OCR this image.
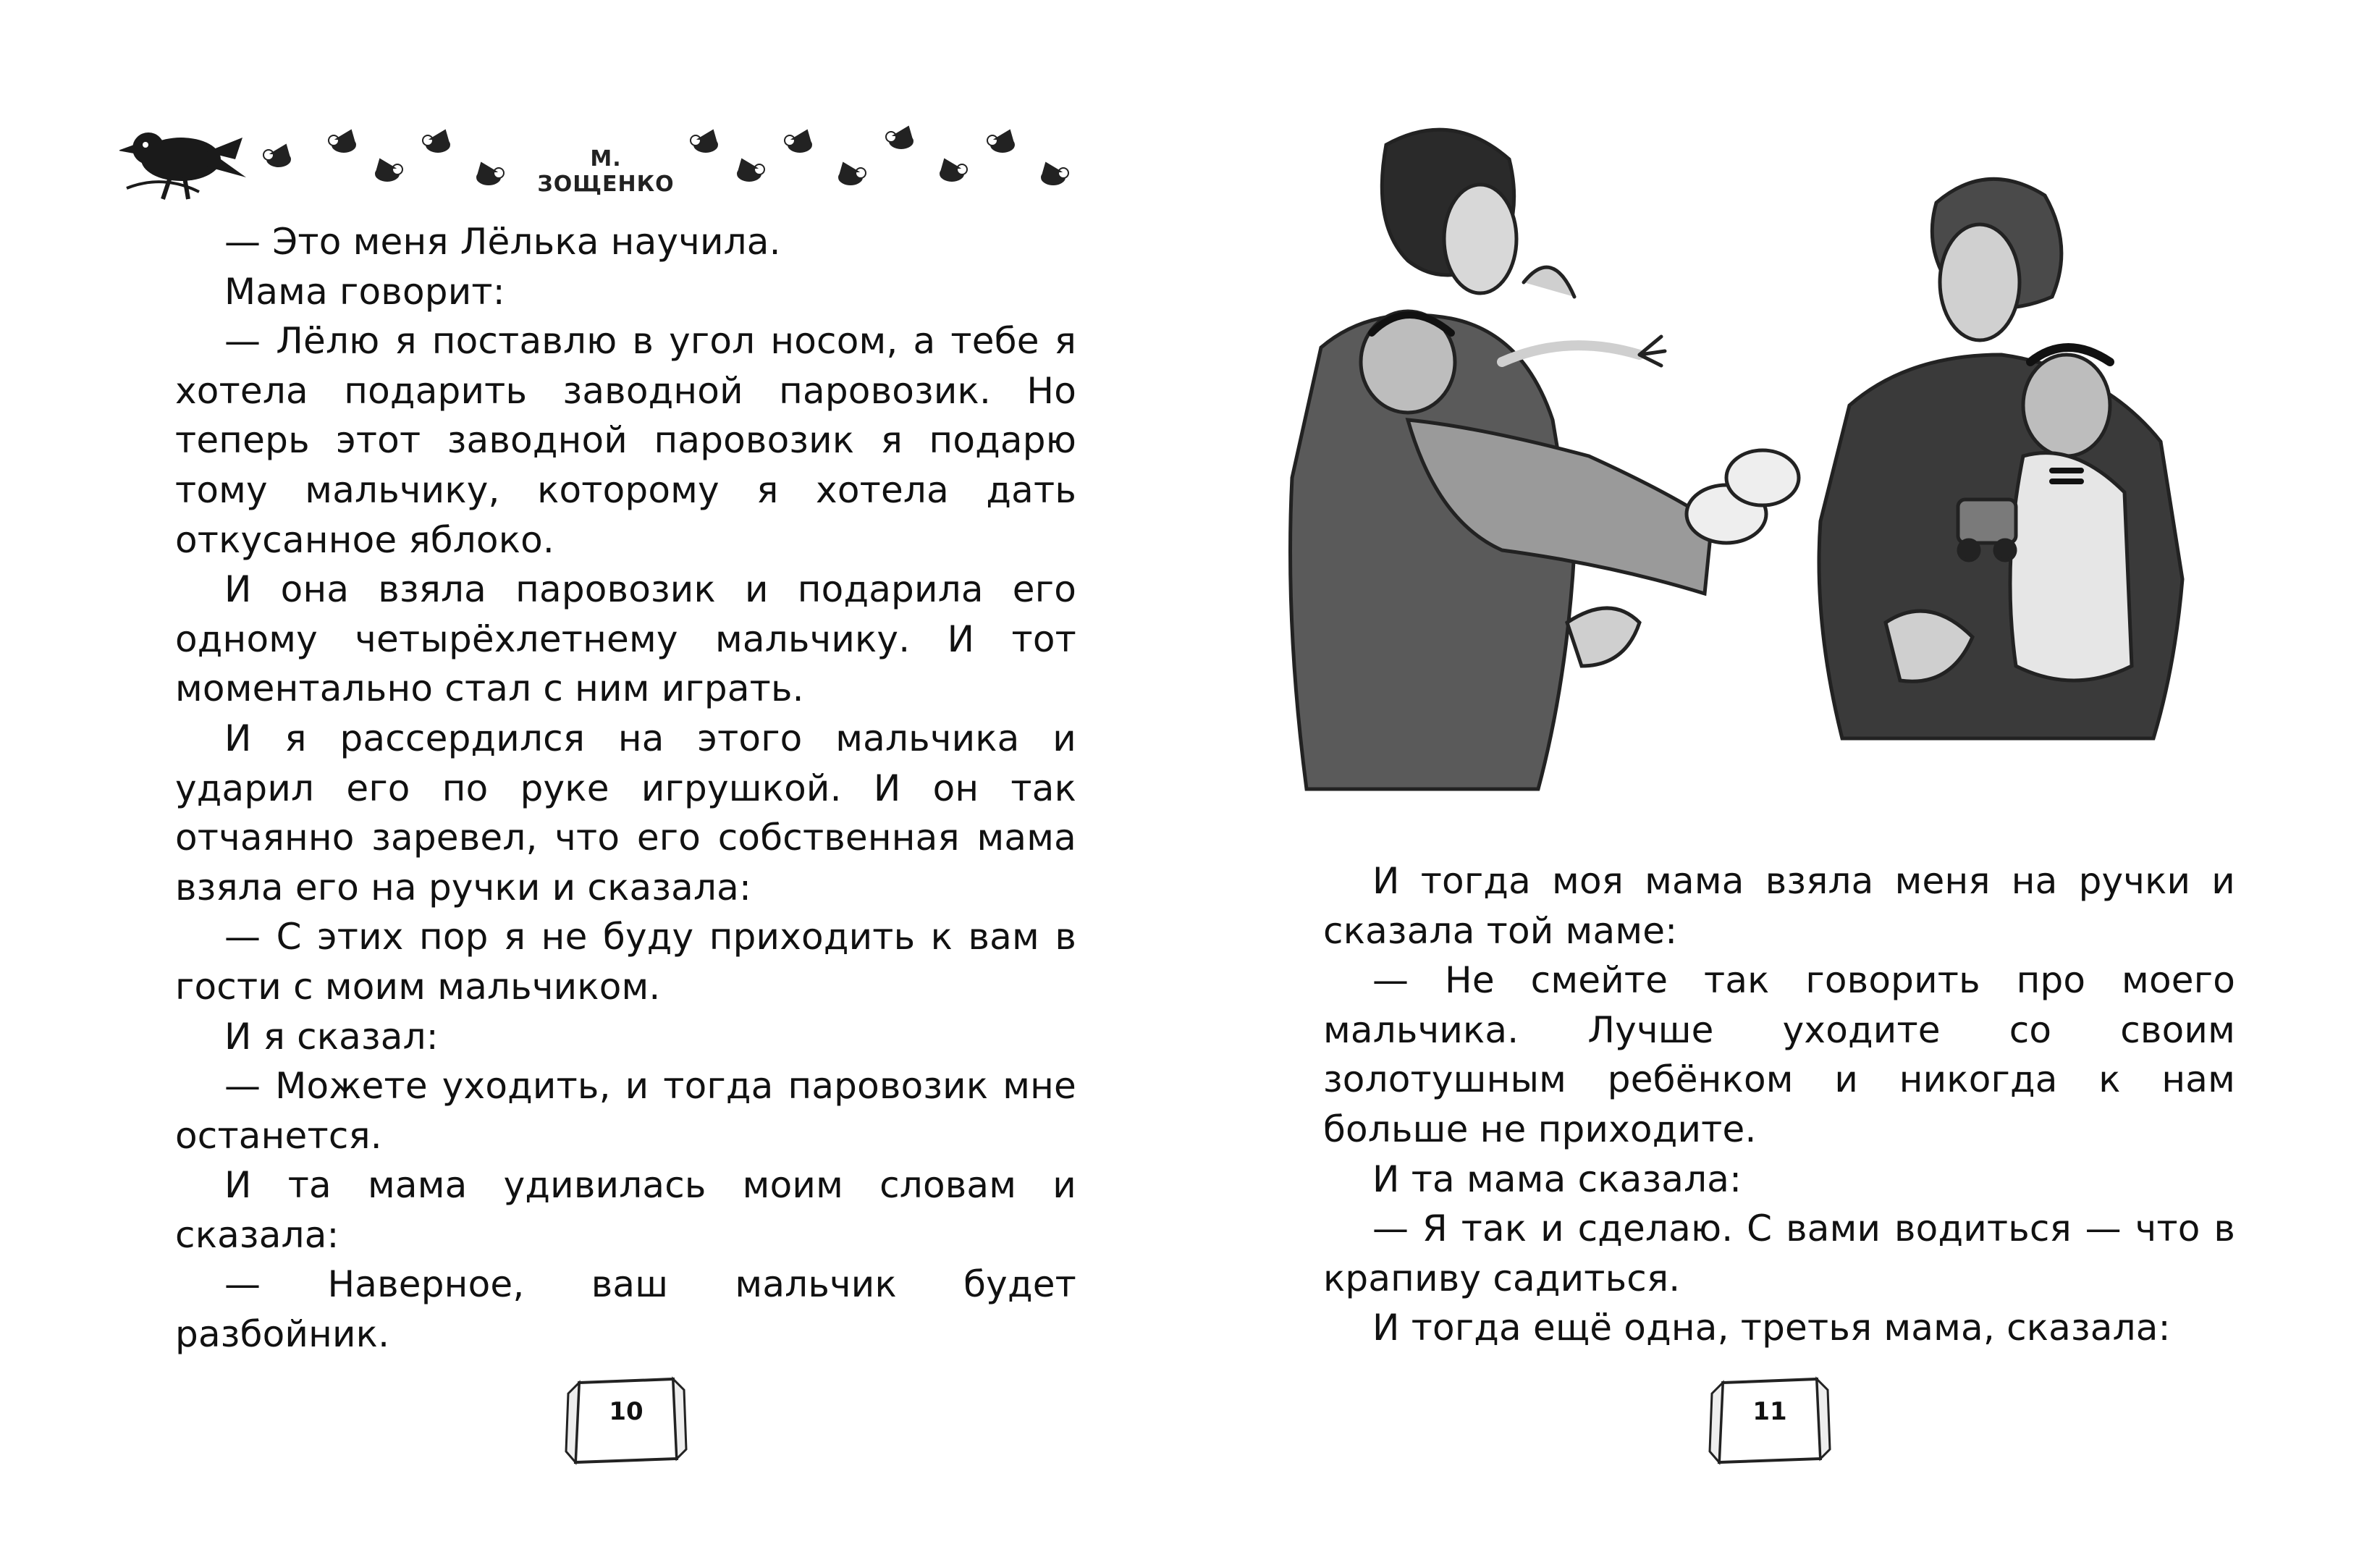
М. ЗОЩЕНКО

— Это меня Лёлька научила.

Мама говорит:

— Лёлю я поставлю в угол носом, а тебе я хотела подарить заводной паровозик. Но теперь этот заводной паровозик я подарю тому мальчику, которому я хотела дать откусанное яблоко.

И она взяла паровозик и подарила его одному четырёхлетнему мальчику. И тот моментально стал с ним играть.

И я рассердился на этого мальчика и ударил его по руке игрушкой. И он так отчаянно заревел, что его собственная мама взяла его на ручки и сказала:

— С этих пор я не буду приходить к вам в гости с моим мальчиком.

И я сказал:

— Можете уходить, и тогда паровозик мне останется.

И та мама удивилась моим словам и сказала:

— Наверное, ваш мальчик будет разбойник.

10

И тогда моя мама взяла меня на ручки и сказала той маме:

— Не смейте так говорить про моего мальчика. Лучше уходите со своим золотушным ребёнком и никогда к нам больше не приходите.

И та мама сказала:

— Я так и сделаю. С вами водиться — что в крапиву садиться.

И тогда ещё одна, третья мама, сказала:

11
